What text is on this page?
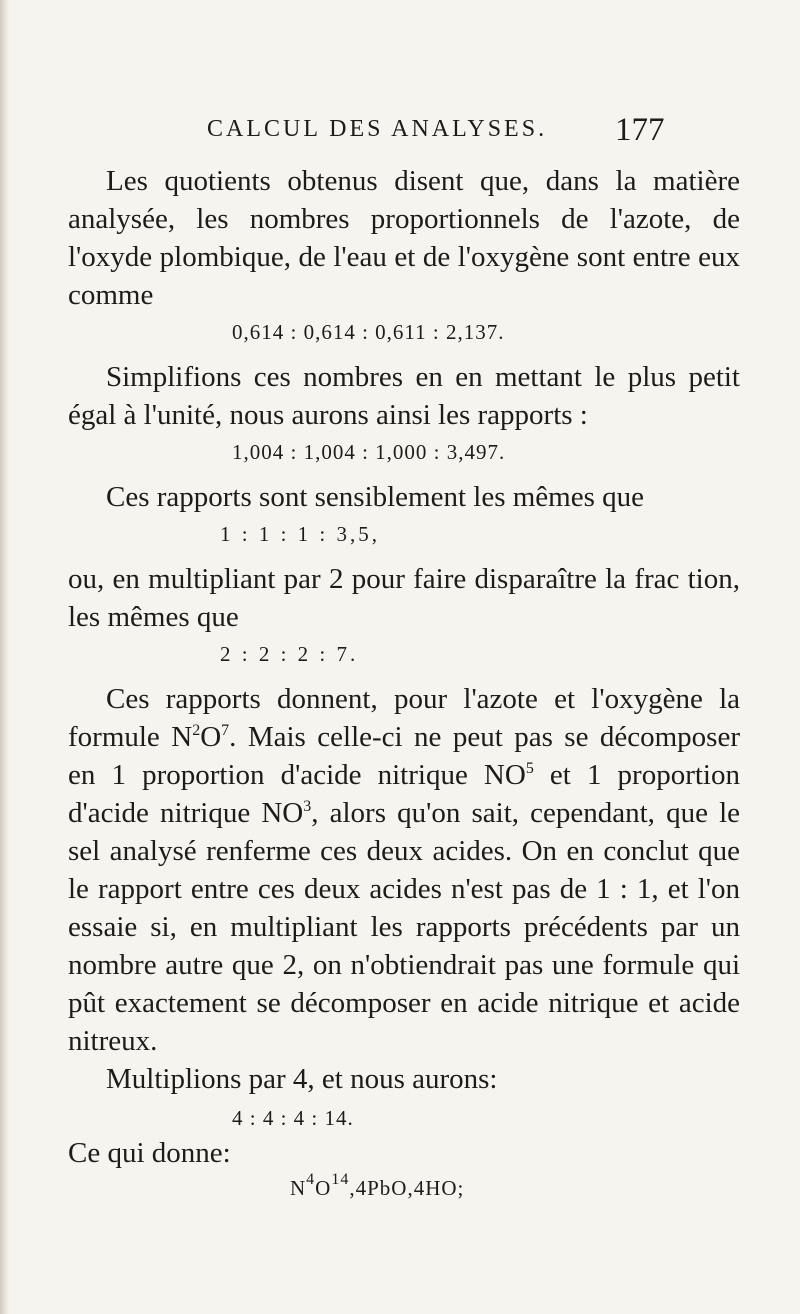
CALCUL DES ANALYSES. 177

Les quotients obtenus disent que, dans la matière analysée, les nombres proportionnels de l'azote, de l'oxyde plombique, de l'eau et de l'oxygène sont entre eux comme

0,614 : 0,614 : 0,611 : 2,137.

Simplifions ces nombres en en mettant le plus petit égal à l'unité, nous aurons ainsi les rapports :

1,004 : 1,004 : 1,000 : 3,497.

Ces rapports sont sensiblement les mêmes que

1 : 1 : 1 : 3,5,

ou, en multipliant par 2 pour faire disparaître la frac tion, les mêmes que

2 : 2 : 2 : 7.

Ces rapports donnent, pour l'azote et l'oxygène la formule $N^2O^7$. Mais celle-ci ne peut pas se décomposer en 1 proportion d'acide nitrique $NO^5$ et 1 proportion d'acide nitrique $NO^3$, alors qu'on sait, cependant, que le sel analysé renferme ces deux acides. On en conclut que le rapport entre ces deux acides n'est pas de 1 : 1, et l'on essaie si, en multipliant les rapports précédents par un nombre autre que 2, on n'obtiendrait pas une formule qui pût exactement se décomposer en acide nitrique et acide nitreux.

Multiplions par 4, et nous aurons:

4 : 4 : 4 : 14.

Ce qui donne:

$N^4O^{14},4PbO,4HO$;
